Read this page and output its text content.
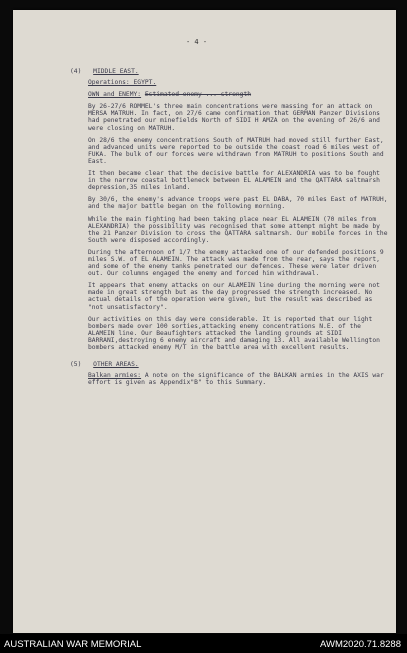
- 4 -
(4) MIDDLE EAST.

Operations: EGYPT.

OWN and ENEMY: Estimated enemy ... strength

By 26-27/6 ROMMEL's three main concentrations were massing for an attack on MERSA MATRUH. In fact, on 27/6 came confirmation that GERMAN Panzer Divisions had penetrated our minefields North of SIDI H AMZA on the evening of 26/6 and were closing on MATRUH.

On 28/6 the enemy concentrations South of MATRUH had moved still further East, and advanced units were reported to be outside the coast road 6 miles west of FUKA. The bulk of our forces were withdrawn from MATRUH to positions South and East.

It then became clear that the decisive battle for ALEXANDRIA was to be fought in the narrow coastal bottleneck between EL ALAMEIN and the QATTARA saltmarsh depression,35 miles inland.

By 30/6, the enemy's advance troops were past EL DABA, 70 miles East of MATRUH, and the major battle began on the following morning.

While the main fighting had been taking place near EL ALAMEIN (70 miles from ALEXANDRIA) the possibility was recognised that some attempt might be made by the 21 Panzer Division to cross the QATTARA saltmarsh. Our mobile forces in the South were disposed accordingly.

During the afternoon of 1/7 the enemy attacked one of our defended positions 9 miles S.W. of EL ALAMEIN. The attack was made from the rear, says the report, and some of the enemy tanks penetrated our defences. These were later driven out. Our columns engaged the enemy and forced him withdrawal.

It appears that enemy attacks on our ALAMEIN line during the morning were not made in great strength but as the day progressed the strength increased. No actual details of the operation were given, but the result was described as "not unsatisfactory".

Our activities on this day were considerable. It is reported that our light bombers made over 100 sorties,attacking enemy concentrations N.E. of the ALAMEIN line. Our Beaufighters attacked the landing grounds at SIDI BARRANI,destroying 6 enemy aircraft and damaging 13. All available Wellington bombers attacked enemy M/T in the battle area with excellent results.

(5) OTHER AREAS.

Balkan armies: A note on the significance of the BALKAN armies in the AXIS war effort is given as Appendix"B" to this Summary.

AUSTRALIAN WAR MEMORIAL	AWM2020.71.8288
